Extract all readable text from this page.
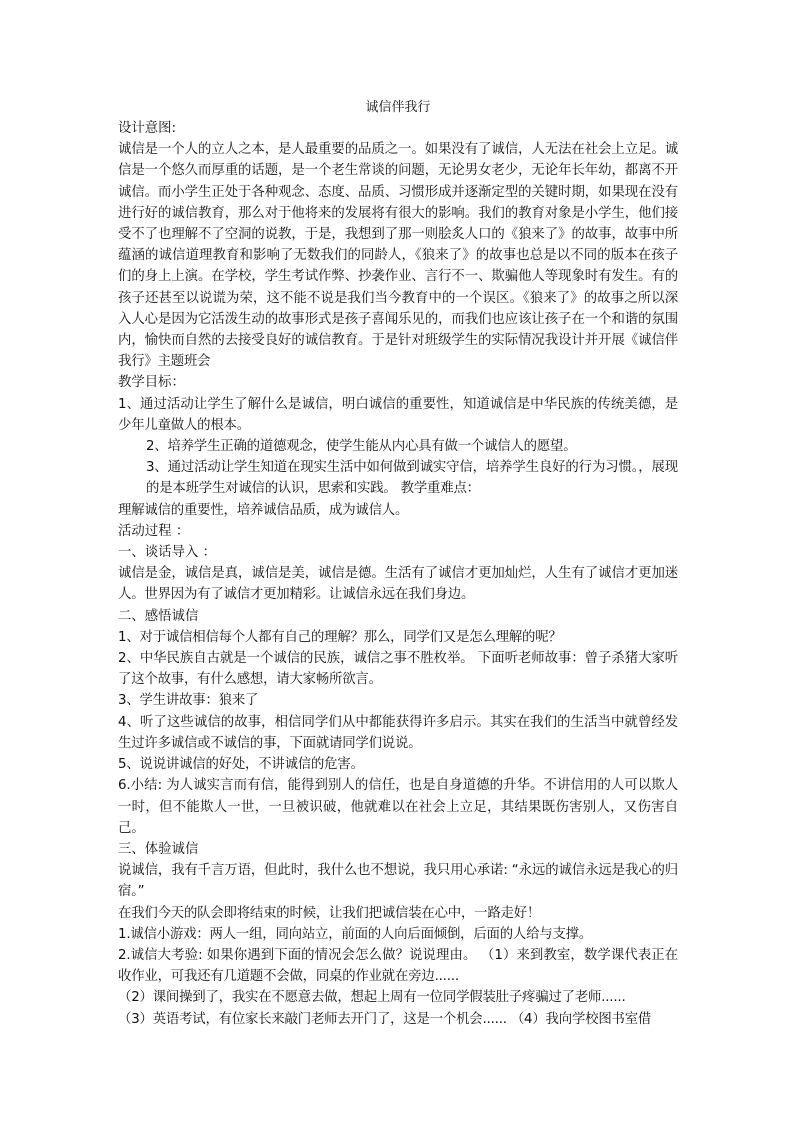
诚信伴我行

设计意图:

诚信是一个人的立人之本，是人最重要的品质之一。如果没有了诚信，人无法在社会上立足。诚信是一个悠久而厚重的话题，是一个老生常谈的问题，无论男女老少，无论年长年幼，都离不开诚信。而小学生正处于各种观念、态度、品质、习惯形成并逐渐定型的关键时期，如果现在没有进行好的诚信教育，那么对于他将来的发展将有很大的影响。我们的教育对象是小学生，他们接受不了也理解不了空洞的说教，于是，我想到了那一则脍炙人口的《狼来了》的故事，故事中所蕴涵的诚信道理教育和影响了无数我们的同龄人，《狼来了》的故事也总是以不同的版本在孩子们的身上上演。在学校，学生考试作弊、抄袭作业、言行不一、欺骗他人等现象时有发生。有的孩子还甚至以说谎为荣，这不能不说是我们当今教育中的一个误区。《狼来了》的故事之所以深入人心是因为它活泼生动的故事形式是孩子喜闻乐见的，而我们也应该让孩子在一个和谐的氛围内，愉快而自然的去接受良好的诚信教育。于是针对班级学生的实际情况我设计并开展《诚信伴我行》主题班会

教学目标：

1、通过活动让学生了解什么是诚信，明白诚信的重要性，知道诚信是中华民族的传统美德，是少年儿童做人的根本。

2、培养学生正确的道德观念，使学生能从内心具有做一个诚信人的愿望。

3、通过活动让学生知道在现实生活中如何做到诚实守信，培养学生良好的行为习惯。，展现的是本班学生对诚信的认识，思索和实践。 教学重难点：

理解诚信的重要性，培养诚信品质，成为诚信人。

活动过程 ：

一、谈话导入 ：

诚信是金，诚信是真，诚信是美，诚信是德。生活有了诚信才更加灿烂，人生有了诚信才更加迷人。世界因为有了诚信才更加精彩。让诚信永远在我们身边。

二、感悟诚信

1、对于诚信相信每个人都有自己的理解？那么，同学们又是怎么理解的呢？

2、中华民族自古就是一个诚信的民族，诚信之事不胜枚举。 下面听老师故事：曾子杀猪大家听了这个故事，有什么感想，请大家畅所欲言。

3、学生讲故事：狼来了

4、听了这些诚信的故事，相信同学们从中都能获得许多启示。其实在我们的生活当中就曾经发生过许多诚信或不诚信的事，下面就请同学们说说。

5、说说讲诚信的好处，不讲诚信的危害。

6.小结: 为人诚实言而有信，能得到别人的信任，也是自身道德的升华。不讲信用的人可以欺人一时，但不能欺人一世，一旦被识破，他就难以在社会上立足，其结果既伤害别人，又伤害自己。

三、体验诚信

说诚信，我有千言万语，但此时，我什么也不想说，我只用心承诺: “永远的诚信永远是我心的归宿。”

在我们今天的队会即将结束的时候，让我们把诚信装在心中，一路走好！

1.诚信小游戏：两人一组，同向站立，前面的人向后面倾倒，后面的人给与支撑。

2.诚信大考验: 如果你遇到下面的情况会怎么做？说说理由。 （1）来到教室，数学课代表正在收作业，可我还有几道题不会做，同桌的作业就在旁边......

（2）课间操到了，我实在不愿意去做，想起上周有一位同学假装肚子疼骗过了老师......

（3）英语考试，有位家长来敲门老师去开门了，这是一个机会...... （4）我向学校图书室借
